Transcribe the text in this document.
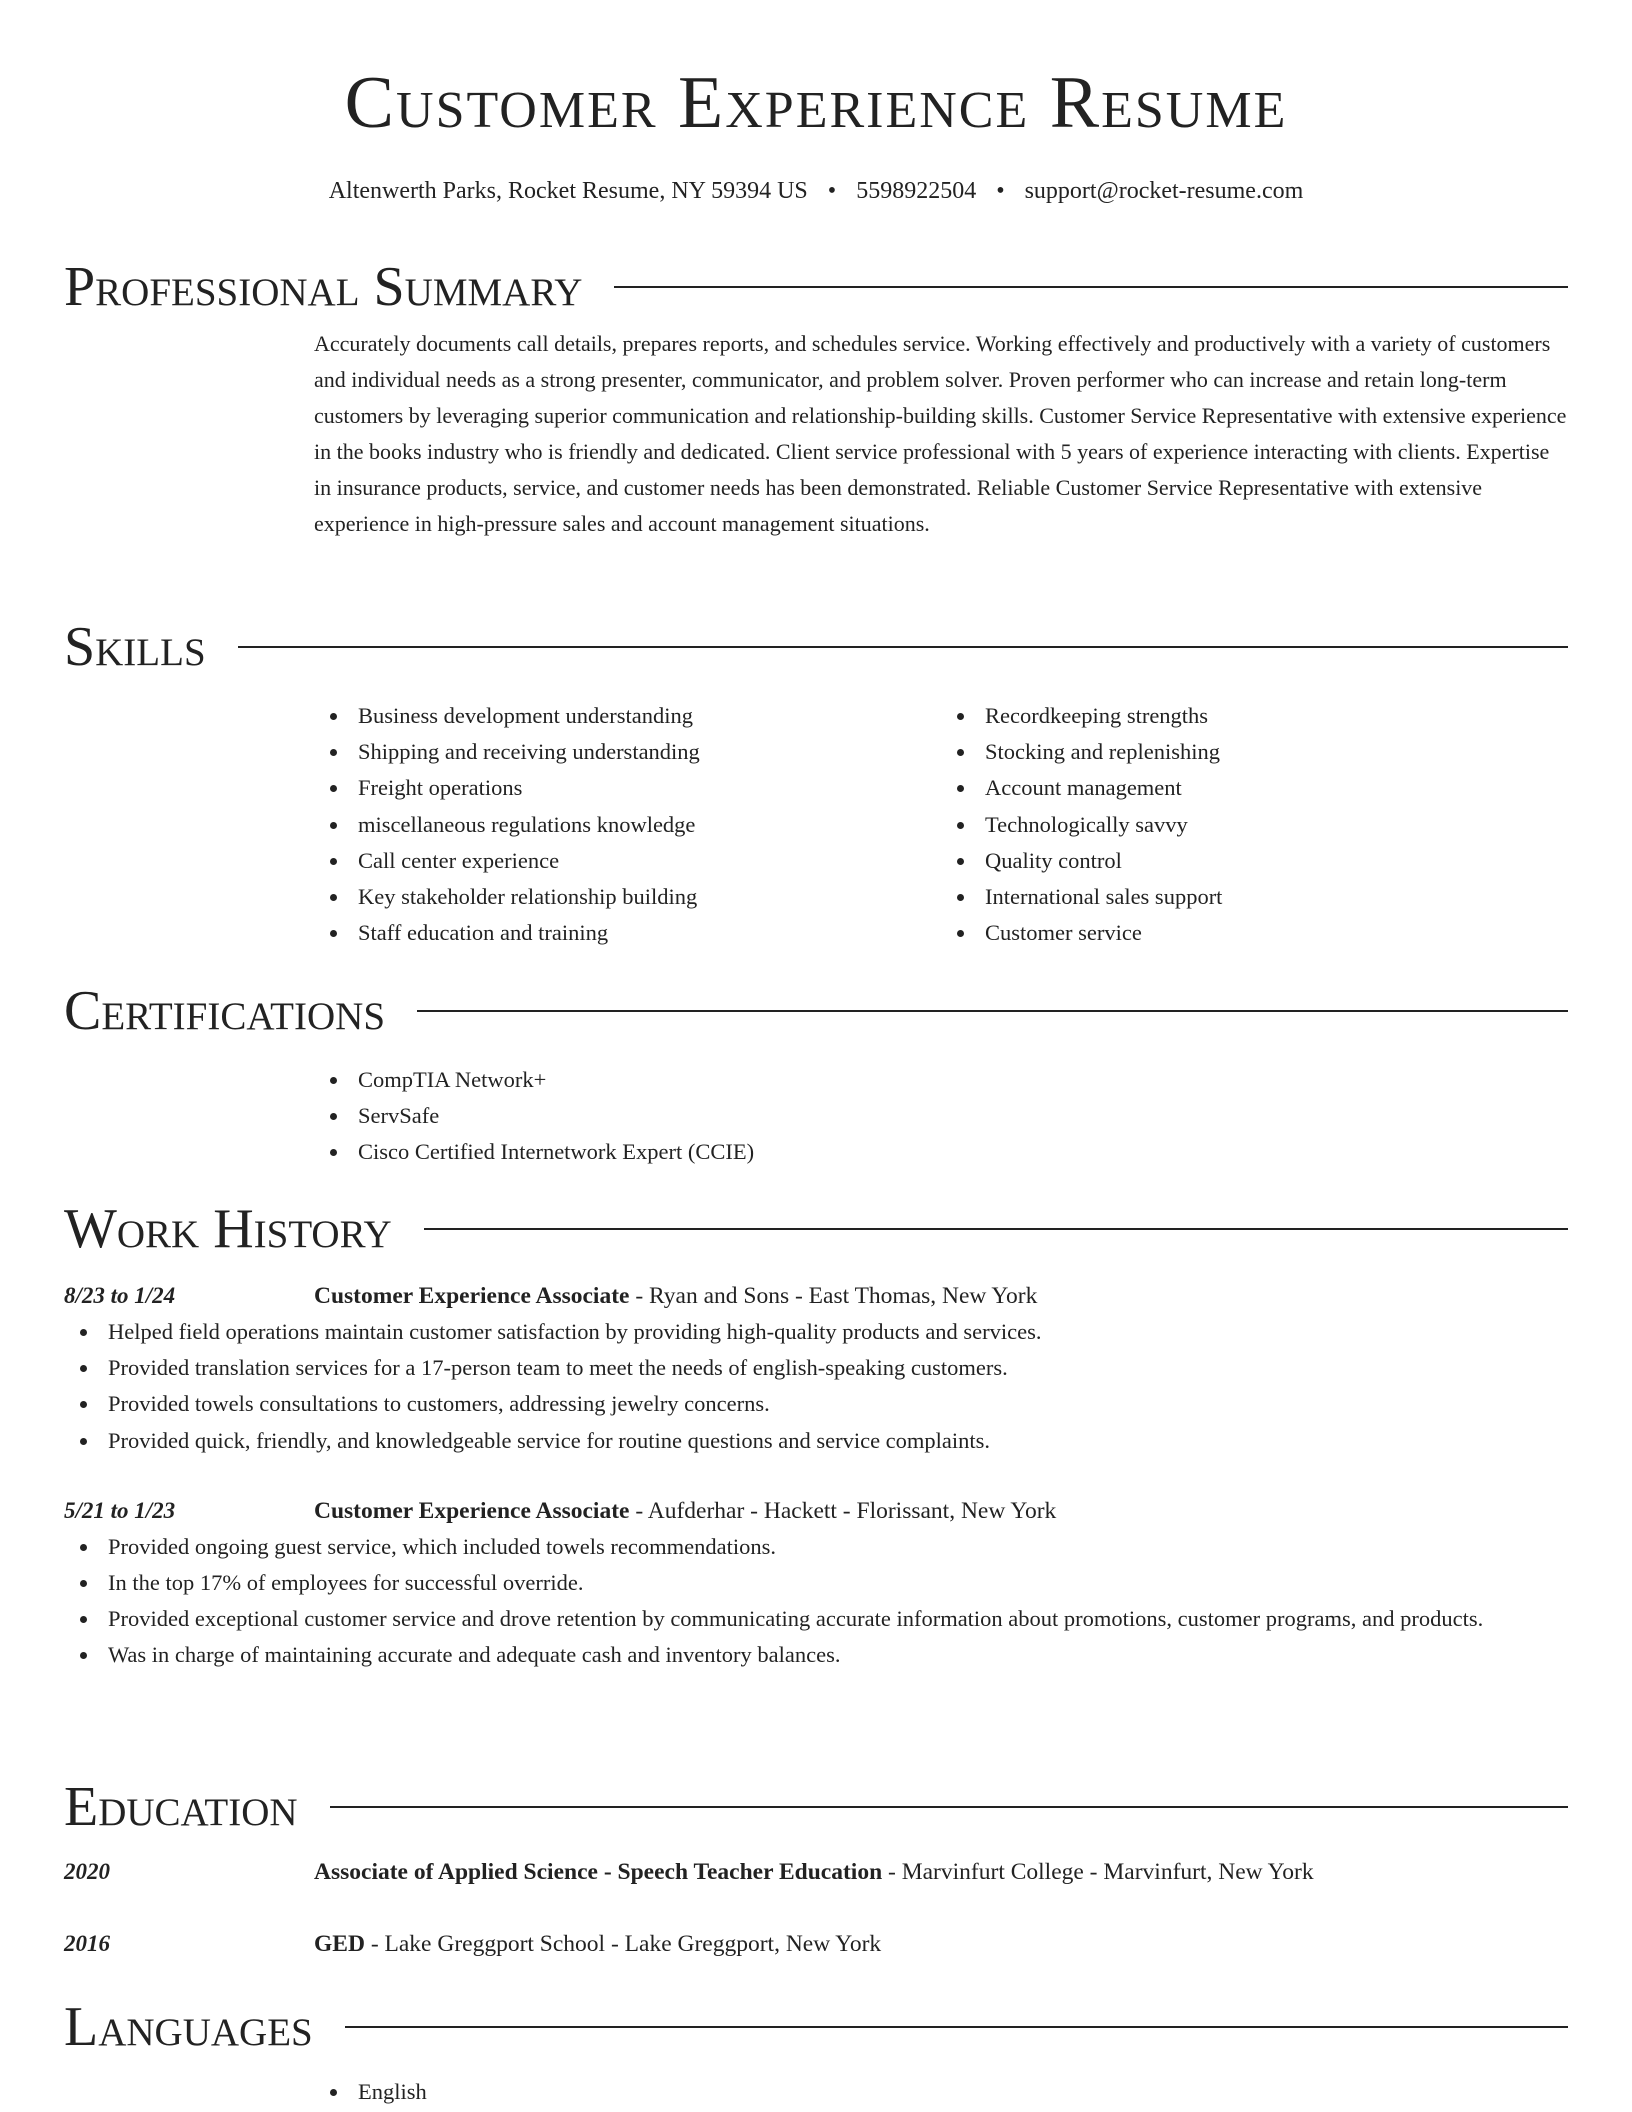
Customer Experience Resume
Altenwerth Parks, Rocket Resume, NY 59394 US • 5598922504 • support@rocket-resume.com
Professional Summary
Accurately documents call details, prepares reports, and schedules service. Working effectively and productively with a variety of customers and individual needs as a strong presenter, communicator, and problem solver. Proven performer who can increase and retain long-term customers by leveraging superior communication and relationship-building skills. Customer Service Representative with extensive experience in the books industry who is friendly and dedicated. Client service professional with 5 years of experience interacting with clients. Expertise in insurance products, service, and customer needs has been demonstrated. Reliable Customer Service Representative with extensive experience in high-pressure sales and account management situations.
Skills
Business development understanding
Shipping and receiving understanding
Freight operations
miscellaneous regulations knowledge
Call center experience
Key stakeholder relationship building
Staff education and training
Recordkeeping strengths
Stocking and replenishing
Account management
Technologically savvy
Quality control
International sales support
Customer service
Certifications
CompTIA Network+
ServSafe
Cisco Certified Internetwork Expert (CCIE)
Work History
8/23 to 1/24	Customer Experience Associate - Ryan and Sons - East Thomas, New York
Helped field operations maintain customer satisfaction by providing high-quality products and services.
Provided translation services for a 17-person team to meet the needs of english-speaking customers.
Provided towels consultations to customers, addressing jewelry concerns.
Provided quick, friendly, and knowledgeable service for routine questions and service complaints.
5/21 to 1/23	Customer Experience Associate - Aufderhar - Hackett - Florissant, New York
Provided ongoing guest service, which included towels recommendations.
In the top 17% of employees for successful override.
Provided exceptional customer service and drove retention by communicating accurate information about promotions, customer programs, and products.
Was in charge of maintaining accurate and adequate cash and inventory balances.
Education
2020	Associate of Applied Science - Speech Teacher Education - Marvinfurt College - Marvinfurt, New York
2016	GED - Lake Greggport School - Lake Greggport, New York
Languages
English
